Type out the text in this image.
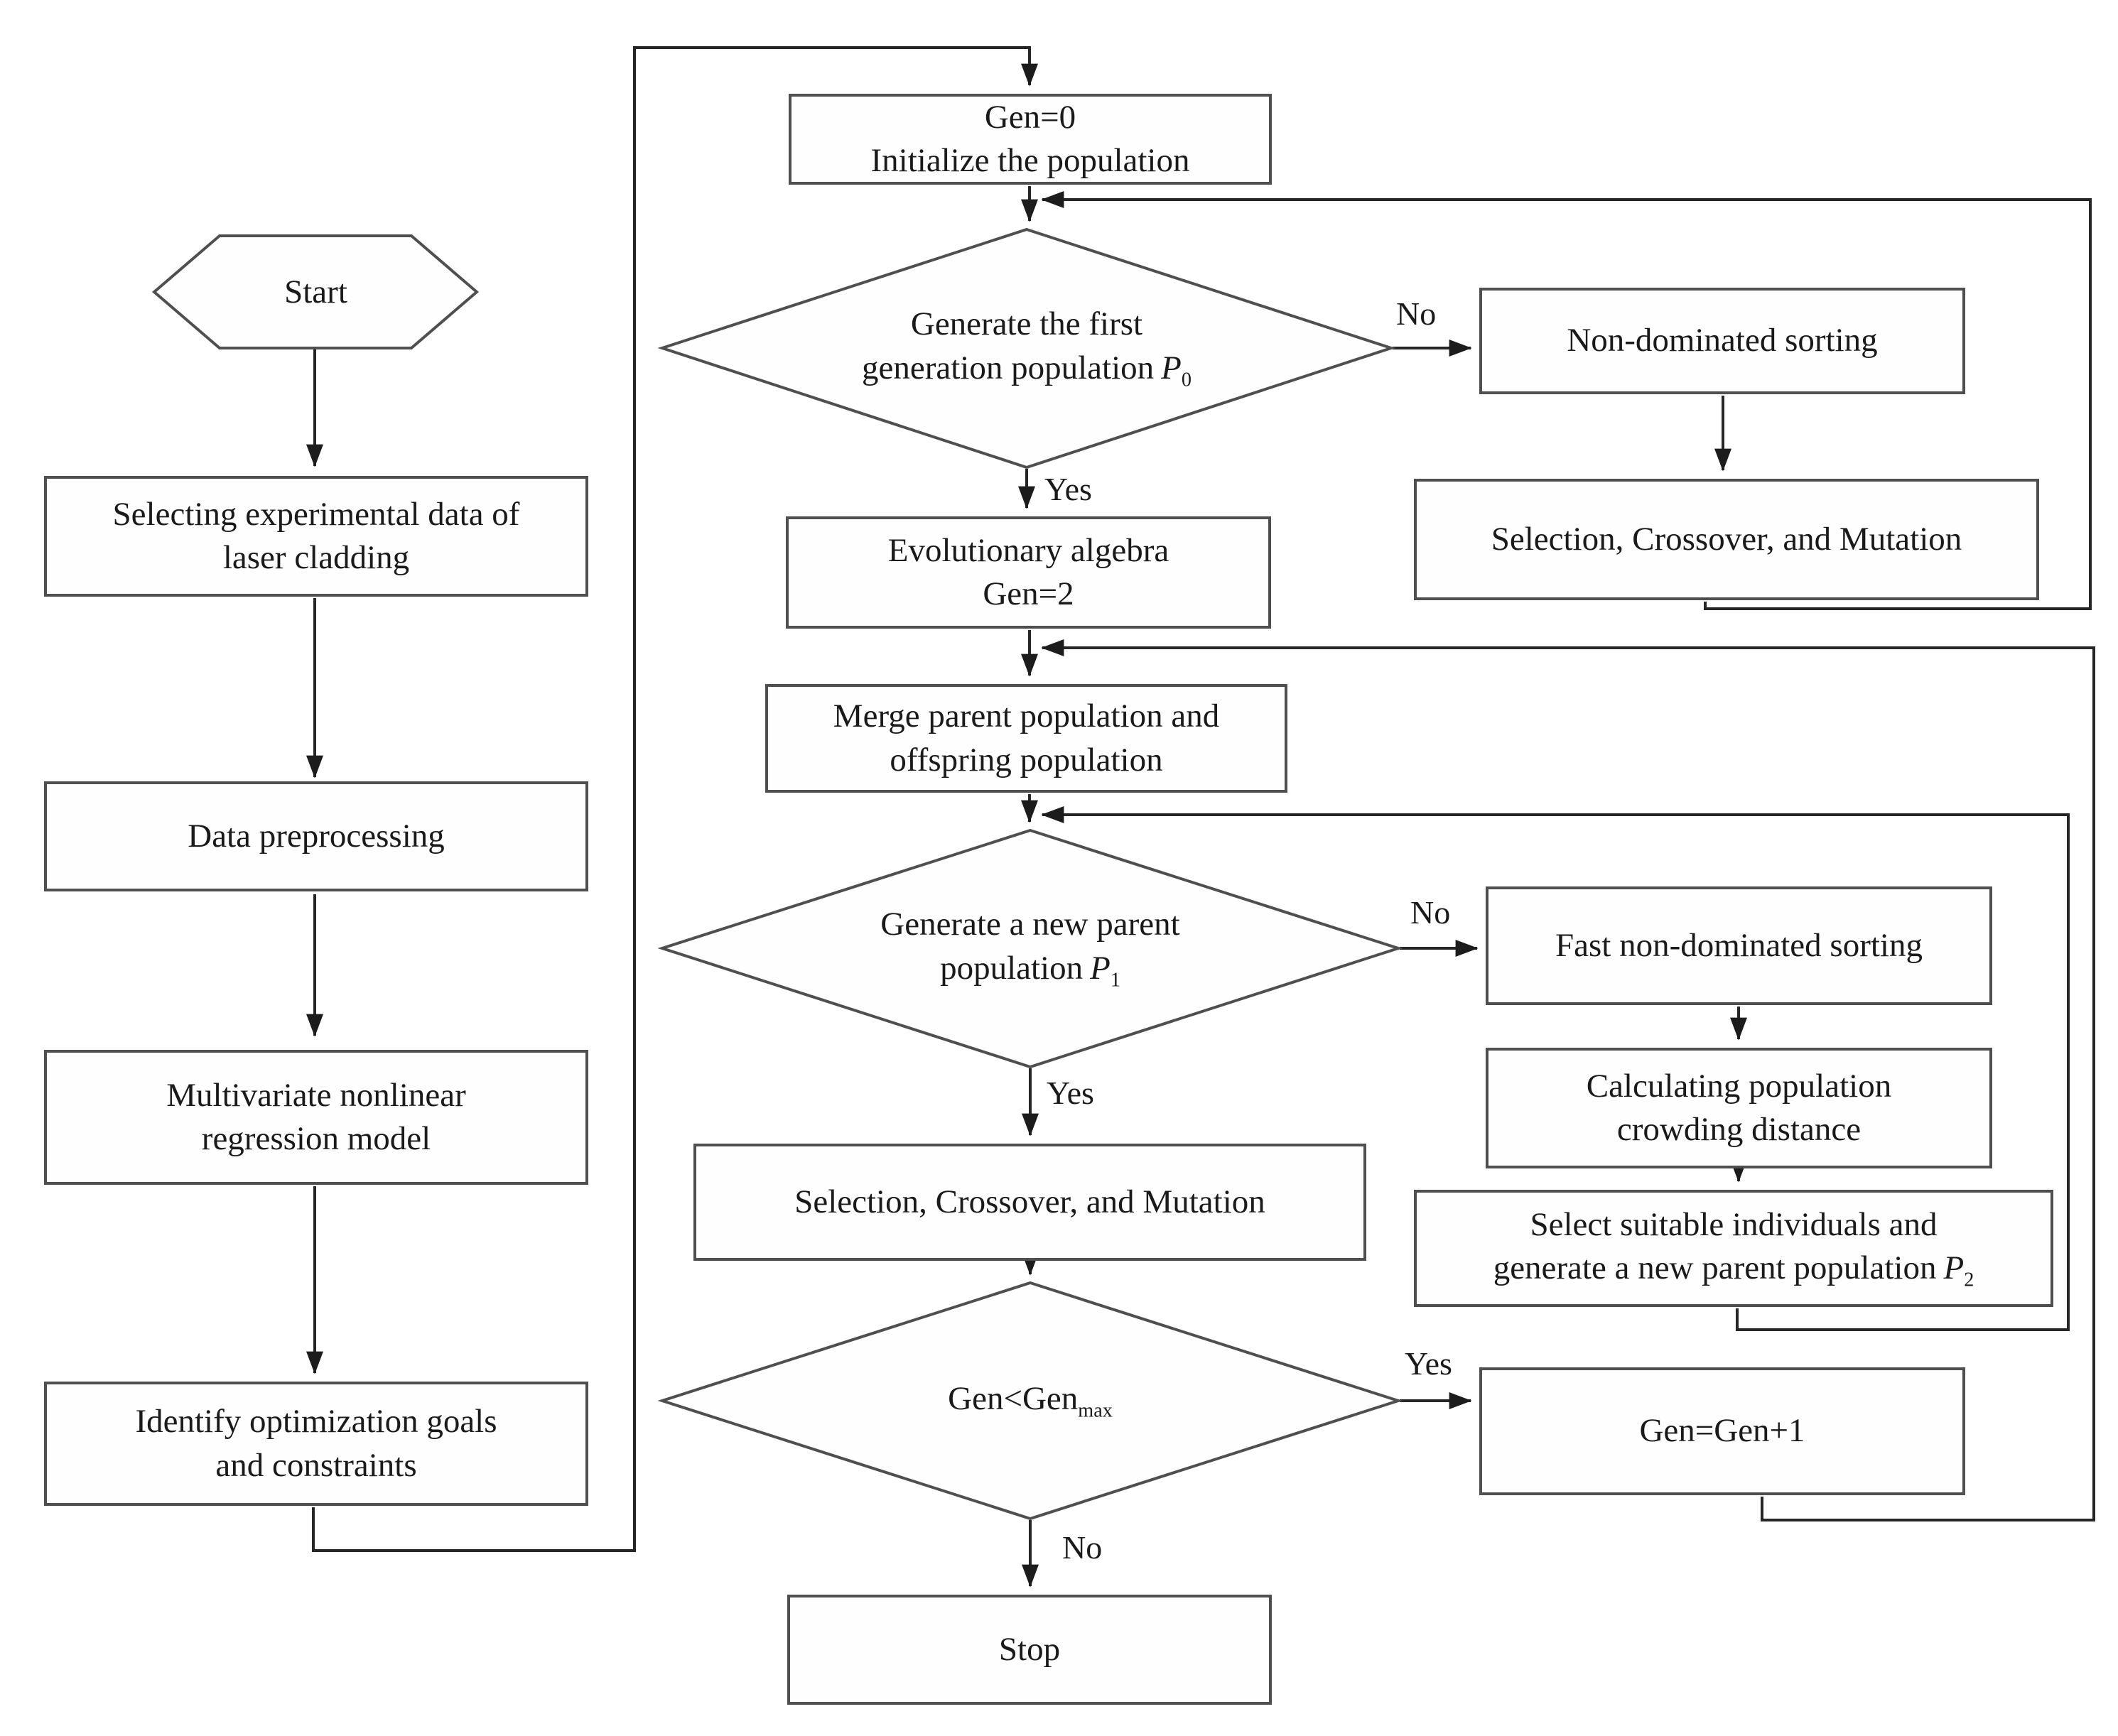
Start
Selecting experimental data of
laser cladding
Data preprocessing
Multivariate nonlinear
regression model
Identify optimization goals
and constraints
Gen=0
Initialize the population
Generate the first
generation population $P_0$
Evolutionary algebra
Gen=2
Merge parent population and
offspring population
Generate a new parent
population $P_1$
Selection, Crossover, and Mutation
Gen<Gen$_{max}$
Stop
Non-dominated sorting
Selection, Crossover, and Mutation
Fast non-dominated sorting
Calculating population
crowding distance
Select suitable individuals and
generate a new parent population $P_2$
Gen=Gen+1
No
Yes
No
Yes
Yes
No
